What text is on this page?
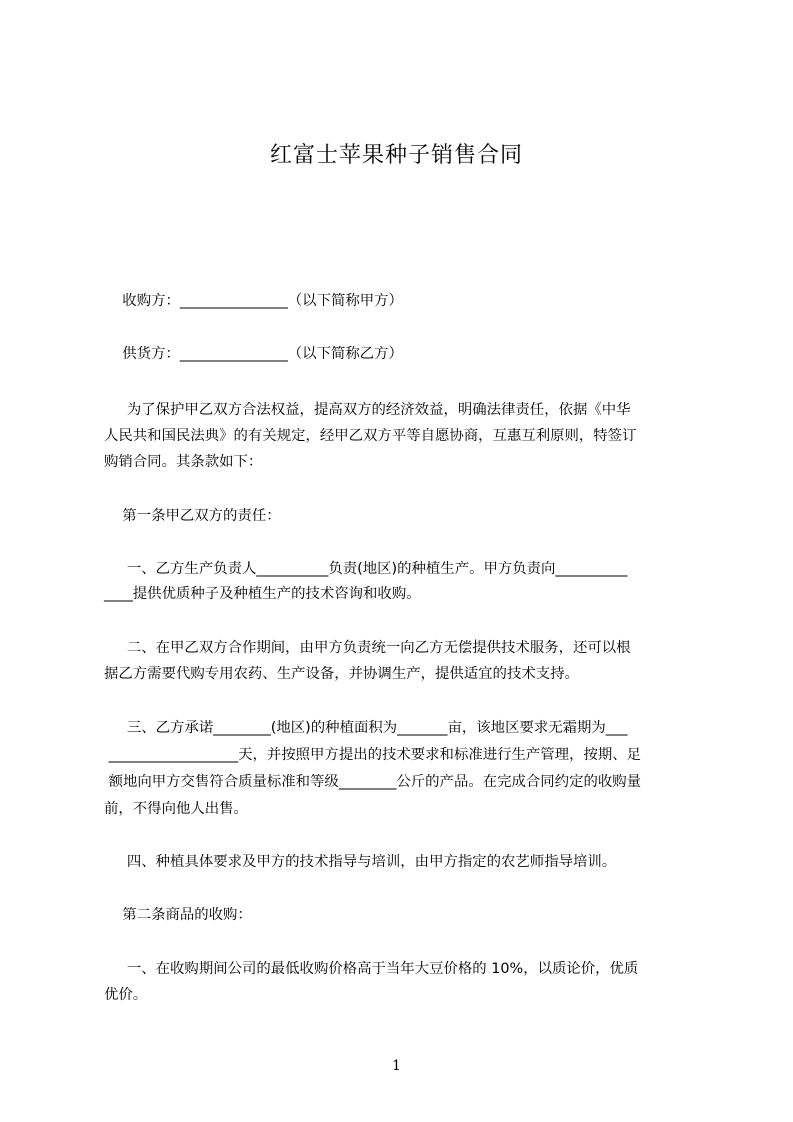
红富士苹果种子销售合同
收购方：_______________（以下简称甲方）
供货方：_______________（以下简称乙方）
为了保护甲乙双方合法权益，提高双方的经济效益，明确法律责任，依据《中华
人民共和国民法典》的有关规定，经甲乙双方平等自愿协商，互惠互利原则，特签订
购销合同。其条款如下：
第一条甲乙双方的责任：
一、乙方生产负责人__________负责(地区)的种植生产。甲方负责向__________
____提供优质种子及种植生产的技术咨询和收购。
二、在甲乙双方合作期间，由甲方负责统一向乙方无偿提供技术服务，还可以根
据乙方需要代购专用农药、生产设备，并协调生产，提供适宜的技术支持。
三、乙方承诺________(地区)的种植面积为_______亩，该地区要求无霜期为___
__________________天，并按照甲方提出的技术要求和标准进行生产管理，按期、足
额地向甲方交售符合质量标准和等级________公斤的产品。在完成合同约定的收购量
前，不得向他人出售。
四、种植具体要求及甲方的技术指导与培训，由甲方指定的农艺师指导培训。
第二条商品的收购：
一、在收购期间公司的最低收购价格高于当年大豆价格的 10%，以质论价，优质
优价。
1
